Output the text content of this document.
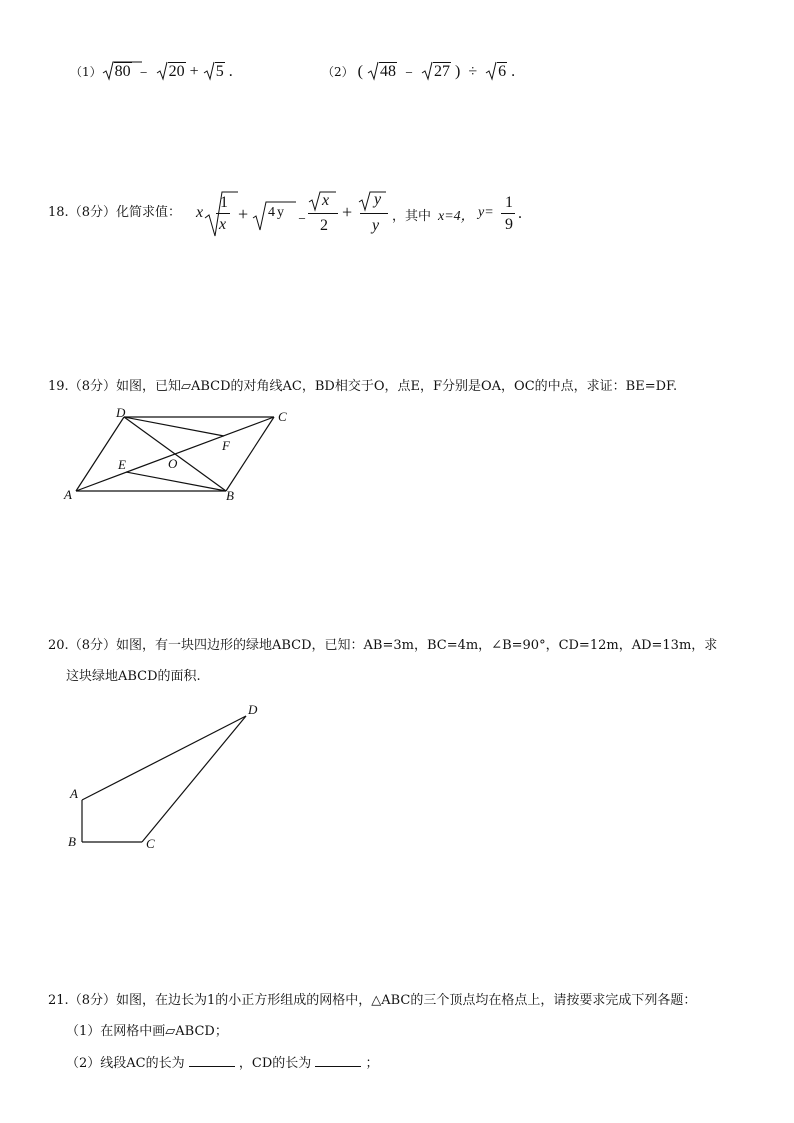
（1） 80 ﹣ 20 + 5 .	（2） ( 48 ﹣ 27 ) ÷ 6 .
18.（8分）化简求值： x
1
x
+ 4y ﹣
x
2
+
y
y
，其中 x=4， y=
1
9
.
19.（8分）如图，已知▱ABCD的对角线AC，BD相交于O，点E，F分别是OA，OC的中点，求证：BE=DF.
A	B
C
D
E
F
O
20.（8分）如图，有一块四边形的绿地ABCD，已知：AB=3m，BC=4m，∠B=90°，CD=12m，AD=13m，求
这块绿地ABCD的面积.
A
B	C
D
21.（8分）如图，在边长为1的小正方形组成的网格中，△ABC的三个顶点均在格点上，请按要求完成下列各题：
（1）在网格中画▱ABCD；
（2）线段AC的长为	，CD的长为	；
